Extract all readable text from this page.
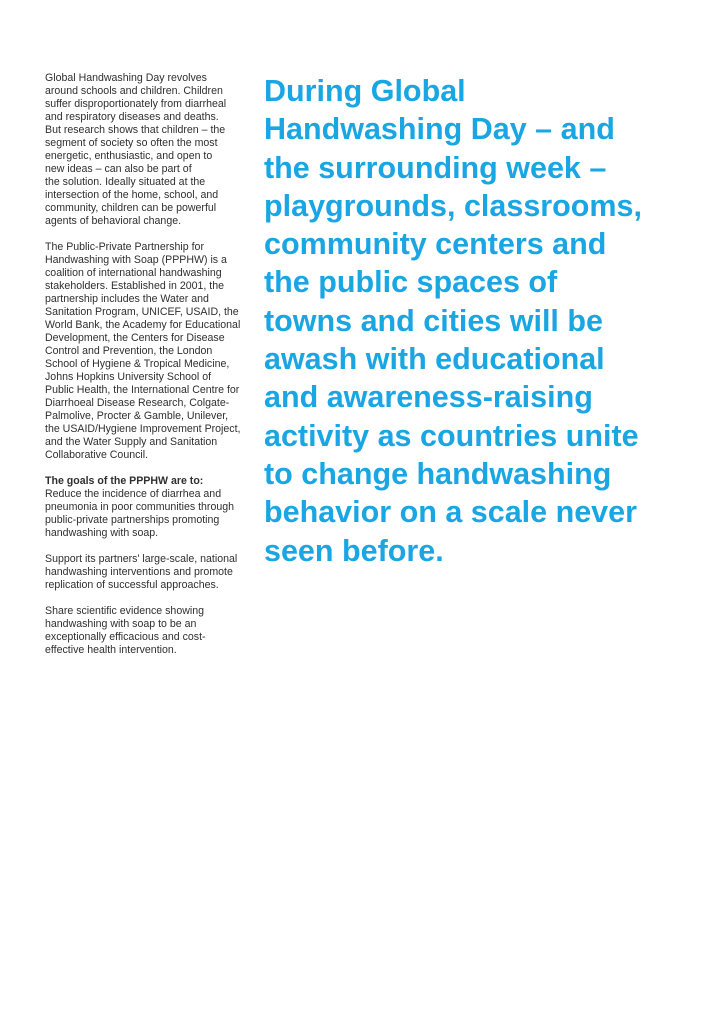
Global Handwashing Day revolves
around schools and children. Children
suffer disproportionately from diarrheal
and respiratory diseases and deaths.
But research shows that children – the
segment of society so often the most
energetic, enthusiastic, and open to
new ideas – can also be part of
the solution. Ideally situated at the
intersection of the home, school, and
community, children can be powerful
agents of behavioral change.

The Public-Private Partnership for
Handwashing with Soap (PPPHW) is a
coalition of international handwashing
stakeholders. Established in 2001, the
partnership includes the Water and
Sanitation Program, UNICEF, USAID, the
World Bank, the Academy for Educational
Development, the Centers for Disease
Control and Prevention, the London
School of Hygiene & Tropical Medicine,
Johns Hopkins University School of
Public Health, the International Centre for
Diarrhoeal Disease Research, Colgate-
Palmolive, Procter & Gamble, Unilever,
the USAID/Hygiene Improvement Project,
and the Water Supply and Sanitation
Collaborative Council.

The goals of the PPPHW are to:
Reduce the incidence of diarrhea and
pneumonia in poor communities through
public-private partnerships promoting
handwashing with soap.

Support its partners' large-scale, national
handwashing interventions and promote
replication of successful approaches.

Share scientific evidence showing
handwashing with soap to be an
exceptionally efficacious and cost-
effective health intervention.

During Global
Handwashing Day – and
the surrounding week –
playgrounds, classrooms,
community centers and
the public spaces of
towns and cities will be
awash with educational
and awareness-raising
activity as countries unite
to change handwashing
behavior on a scale never
seen before.
